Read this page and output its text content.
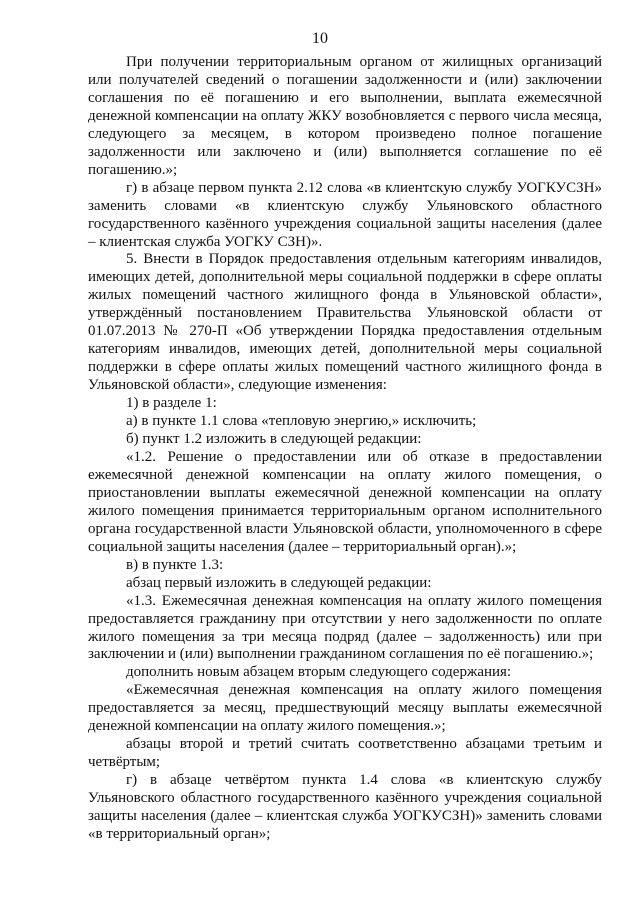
10

При получении территориальным органом от жилищных организаций или получателей сведений о погашении задолженности и (или) заключении соглашения по её погашению и его выполнении, выплата ежемесячной денежной компенсации на оплату ЖКУ возобновляется с первого числа месяца, следующего за месяцем, в котором произведено полное погашение задолженности или заключено и (или) выполняется соглашение по её погашению.»;

г) в абзаце первом пункта 2.12 слова «в клиентскую службу УОГКУСЗН» заменить словами «в клиентскую службу Ульяновского областного государственного казённого учреждения социальной защиты населения (далее – клиентская служба УОГКУ СЗН)».

5. Внести в Порядок предоставления отдельным категориям инвалидов, имеющих детей, дополнительной меры социальной поддержки в сфере оплаты жилых помещений частного жилищного фонда в Ульяновской области», утверждённый постановлением Правительства Ульяновской области от 01.07.2013 № 270-П «Об утверждении Порядка предоставления отдельным категориям инвалидов, имеющих детей, дополнительной меры социальной поддержки в сфере оплаты жилых помещений частного жилищного фонда в Ульяновской области», следующие изменения:

1) в разделе 1:

а) в пункте 1.1 слова «тепловую энергию,» исключить;

б) пункт 1.2 изложить в следующей редакции:

«1.2. Решение о предоставлении или об отказе в предоставлении ежемесячной денежной компенсации на оплату жилого помещения, о приостановлении выплаты ежемесячной денежной компенсации на оплату жилого помещения принимается территориальным органом исполнительного органа государственной власти Ульяновской области, уполномоченного в сфере социальной защиты населения (далее – территориальный орган).»;

в) в пункте 1.3:

абзац первый изложить в следующей редакции:

«1.3. Ежемесячная денежная компенсация на оплату жилого помещения предоставляется гражданину при отсутствии у него задолженности по оплате жилого помещения за три месяца подряд (далее – задолженность) или при заключении и (или) выполнении гражданином соглашения по её погашению.»;

дополнить новым абзацем вторым следующего содержания:

«Ежемесячная денежная компенсация на оплату жилого помещения предоставляется за месяц, предшествующий месяцу выплаты ежемесячной денежной компенсации на оплату жилого помещения.»;

абзацы второй и третий считать соответственно абзацами третьим и четвёртым;

г) в абзаце четвёртом пункта 1.4 слова «в клиентскую службу Ульяновского областного государственного казённого учреждения социальной защиты населения (далее – клиентская служба УОГКУСЗН)» заменить словами «в территориальный орган»;
